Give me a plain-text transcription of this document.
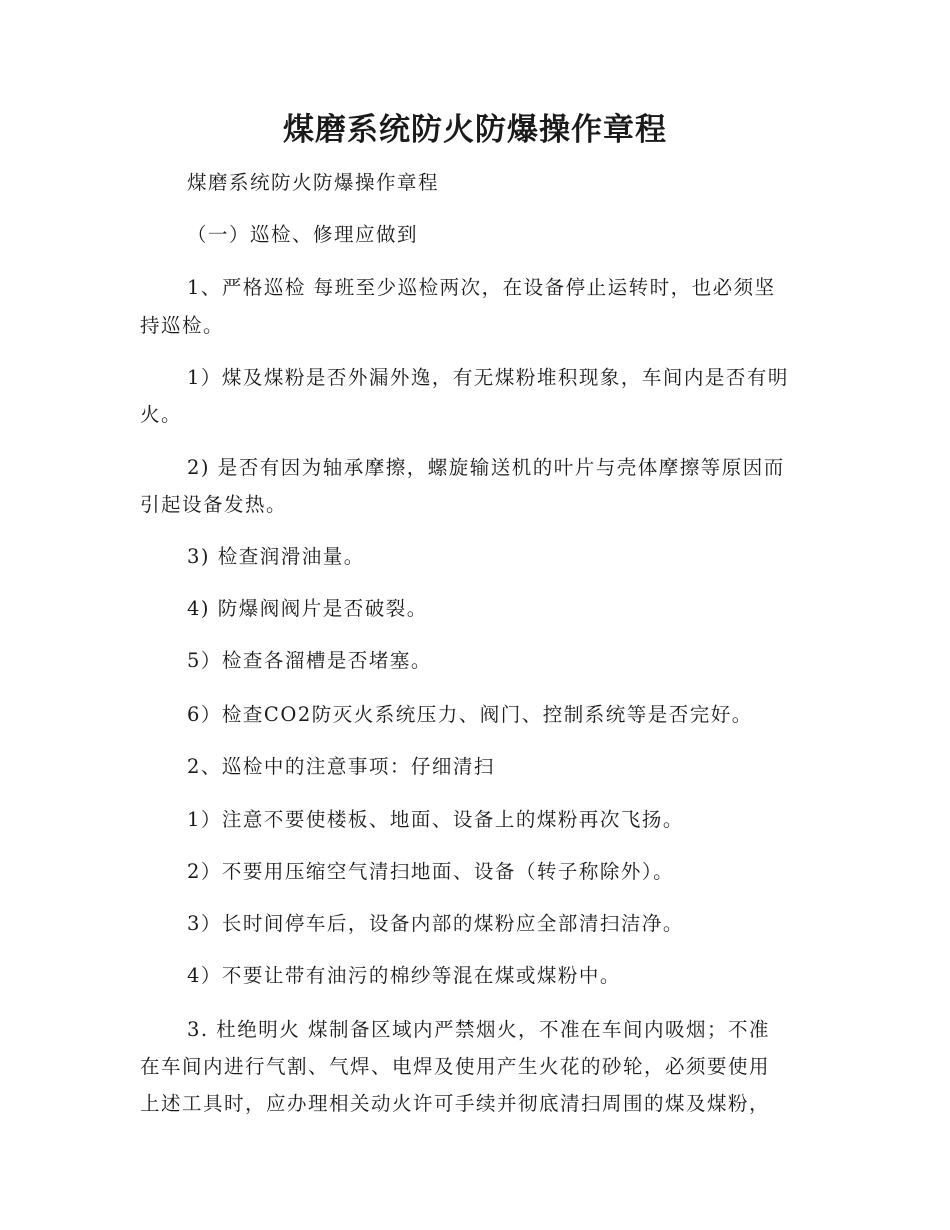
煤磨系统防火防爆操作章程

煤磨系统防火防爆操作章程

（一）巡检、修理应做到

1、严格巡检 每班至少巡检两次，在设备停止运转时，也必须坚

持巡检。

1）煤及煤粉是否外漏外逸，有无煤粉堆积现象，车间内是否有明

火。

2) 是否有因为轴承摩擦，螺旋输送机的叶片与壳体摩擦等原因而

引起设备发热。

3) 检查润滑油量。

4) 防爆阀阀片是否破裂。

5）检查各溜槽是否堵塞。

6）检查CO2防灭火系统压力、阀门、控制系统等是否完好。

2、巡检中的注意事项：仔细清扫

1）注意不要使楼板、地面、设备上的煤粉再次飞扬。

2）不要用压缩空气清扫地面、设备（转子称除外）。

3）长时间停车后，设备内部的煤粉应全部清扫洁净。

4）不要让带有油污的棉纱等混在煤或煤粉中。

3. 杜绝明火 煤制备区域内严禁烟火，不准在车间内吸烟；不准

在车间内进行气割、气焊、电焊及使用产生火花的砂轮，必须要使用

上述工具时，应办理相关动火许可手续并彻底清扫周围的煤及煤粉，
